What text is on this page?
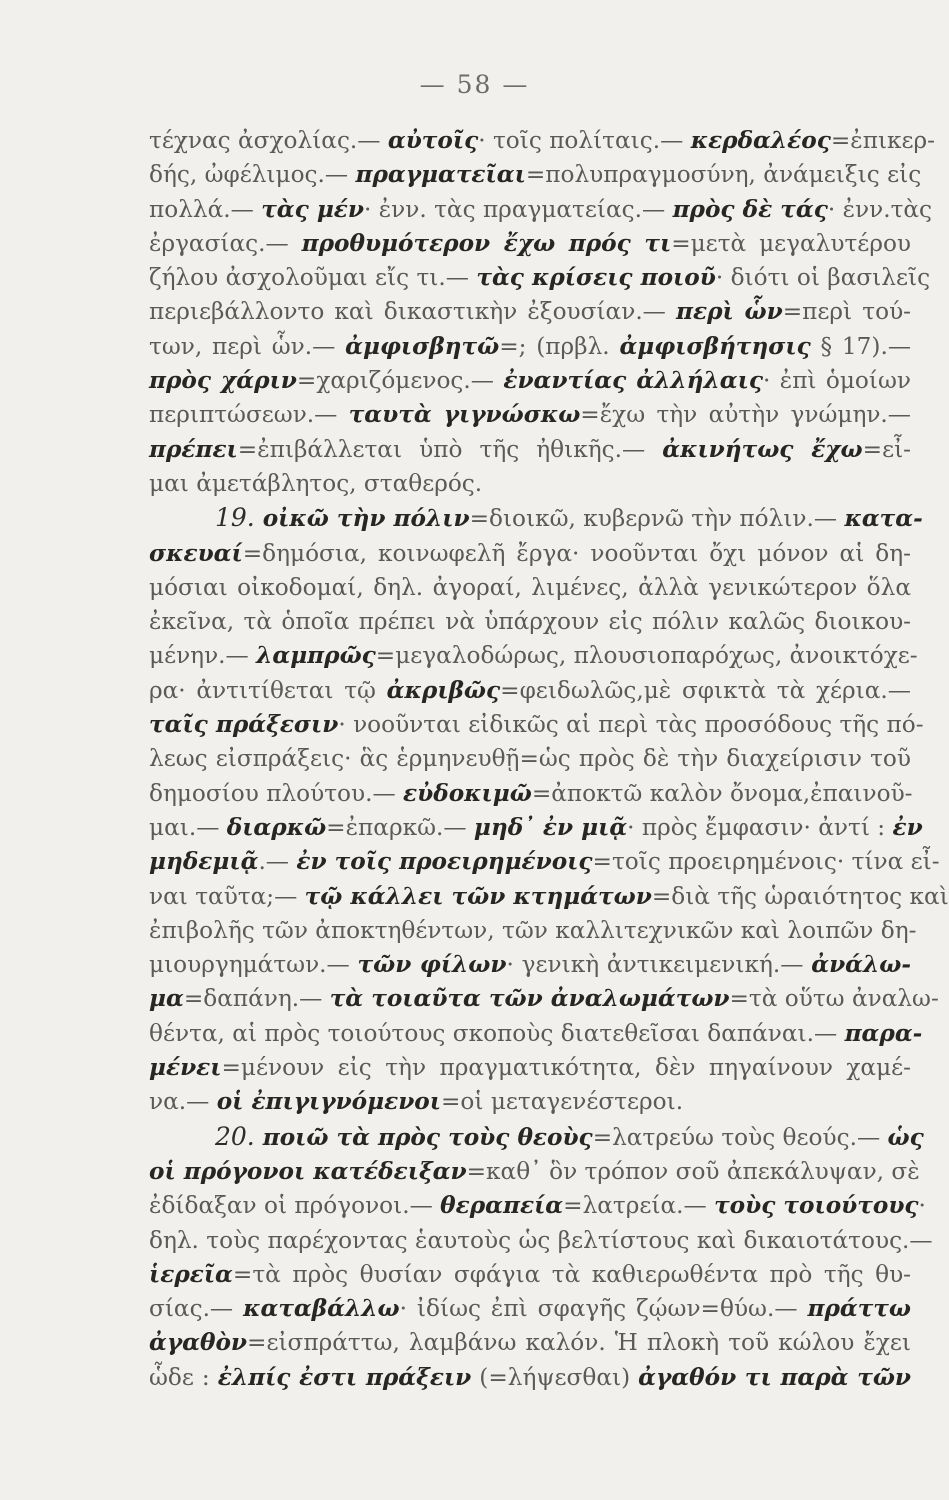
— 58 —
τέχνας ἀσχολίας.— αὐτοῖς· τοῖς πολίταις.— κερδαλέος=ἐπικερ-
δής, ὠφέλιμος.— πραγματεῖαι=πολυπραγμοσύνη, ἀνάμειξις εἰς
πολλά.— τὰς μέν· ἐνν. τὰς πραγματείας.— πρὸς δὲ τάς· ἐνν.τὰς
ἐργασίας.— προθυμότερον ἔχω πρός τι=μετὰ μεγαλυτέρου
ζήλου ἀσχολοῦμαι εἴς τι.— τὰς κρίσεις ποιοῦ· διότι οἱ βασιλεῖς
περιεβάλλοντο καὶ δικαστικὴν ἐξουσίαν.— περὶ ὧν=περὶ τού-
των, περὶ ὧν.— ἀμφισβητῶ=; (πρβλ. ἀμφισβήτησις § 17).—
πρὸς χάριν=χαριζόμενος.— ἐναντίας ἀλλήλαις· ἐπὶ ὁμοίων
περιπτώσεων.— ταυτὰ γιγνώσκω=ἔχω τὴν αὐτὴν γνώμην.—
πρέπει=ἐπιβάλλεται ὑπὸ τῆς ἠθικῆς.— ἀκινήτως ἔχω=εἶ-
μαι ἀμετάβλητος, σταθερός.
19. οἰκῶ τὴν πόλιν=διοικῶ, κυβερνῶ τὴν πόλιν.— κατα-
σκευαί=δημόσια, κοινωφελῆ ἔργα· νοοῦνται ὄχι μόνον αἱ δη-
μόσιαι οἰκοδομαί, δηλ. ἀγοραί, λιμένες, ἀλλὰ γενικώτερον ὅλα
ἐκεῖνα, τὰ ὁποῖα πρέπει νὰ ὑπάρχουν εἰς πόλιν καλῶς διοικου-
μένην.— λαμπρῶς=μεγαλοδώρως, πλουσιοπαρόχως, ἀνοικτόχε-
ρα· ἀντιτίθεται τῷ ἀκριβῶς=φειδωλῶς,μὲ σφικτὰ τὰ χέρια.—
ταῖς πράξεσιν· νοοῦνται εἰδικῶς αἱ περὶ τὰς προσόδους τῆς πό-
λεως εἰσπράξεις· ἃς ἑρμηνευθῇ=ὡς πρὸς δὲ τὴν διαχείρισιν τοῦ
δημοσίου πλούτου.— εὐδοκιμῶ=ἀποκτῶ καλὸν ὄνομα,ἐπαινοῦ-
μαι.— διαρκῶ=ἐπαρκῶ.— μηδ᾽ ἐν μιᾷ· πρὸς ἔμφασιν· ἀντί : ἐν
μηδεμιᾷ.— ἐν τοῖς προειρημένοις=τοῖς προειρημένοις· τίνα εἶ-
ναι ταῦτα;— τῷ κάλλει τῶν κτημάτων=διὰ τῆς ὡραιότητος καὶ
ἐπιβολῆς τῶν ἀποκτηθέντων, τῶν καλλιτεχνικῶν καὶ λοιπῶν δη-
μιουργημάτων.— τῶν φίλων· γενικὴ ἀντικειμενική.— ἀνάλω-
μα=δαπάνη.— τὰ τοιαῦτα τῶν ἀναλωμάτων=τὰ οὕτω ἀναλω-
θέντα, αἱ πρὸς τοιούτους σκοποὺς διατεθεῖσαι δαπάναι.— παρα-
μένει=μένουν εἰς τὴν πραγματικότητα, δὲν πηγαίνουν χαμέ-
να.— οἱ ἐπιγιγνόμενοι=οἱ μεταγενέστεροι.
20. ποιῶ τὰ πρὸς τοὺς θεοὺς=λατρεύω τοὺς θεούς.— ὡς
οἱ πρόγονοι κατέδειξαν=καθ᾽ ὃν τρόπον σοῦ ἀπεκάλυψαν, σὲ
ἐδίδαξαν οἱ πρόγονοι.— θεραπεία=λατρεία.— τοὺς τοιούτους·
δηλ. τοὺς παρέχοντας ἑαυτοὺς ὡς βελτίστους καὶ δικαιοτάτους.—
ἱερεῖα=τὰ πρὸς θυσίαν σφάγια τὰ καθιερωθέντα πρὸ τῆς θυ-
σίας.— καταβάλλω· ἰδίως ἐπὶ σφαγῆς ζῴων=θύω.— πράττω
ἀγαθὸν=εἰσπράττω, λαμβάνω καλόν. Ἡ πλοκὴ τοῦ κώλου ἔχει
ὧδε : ἐλπίς ἐστι πράξειν (=λήψεσθαι) ἀγαθόν τι παρὰ τῶν
